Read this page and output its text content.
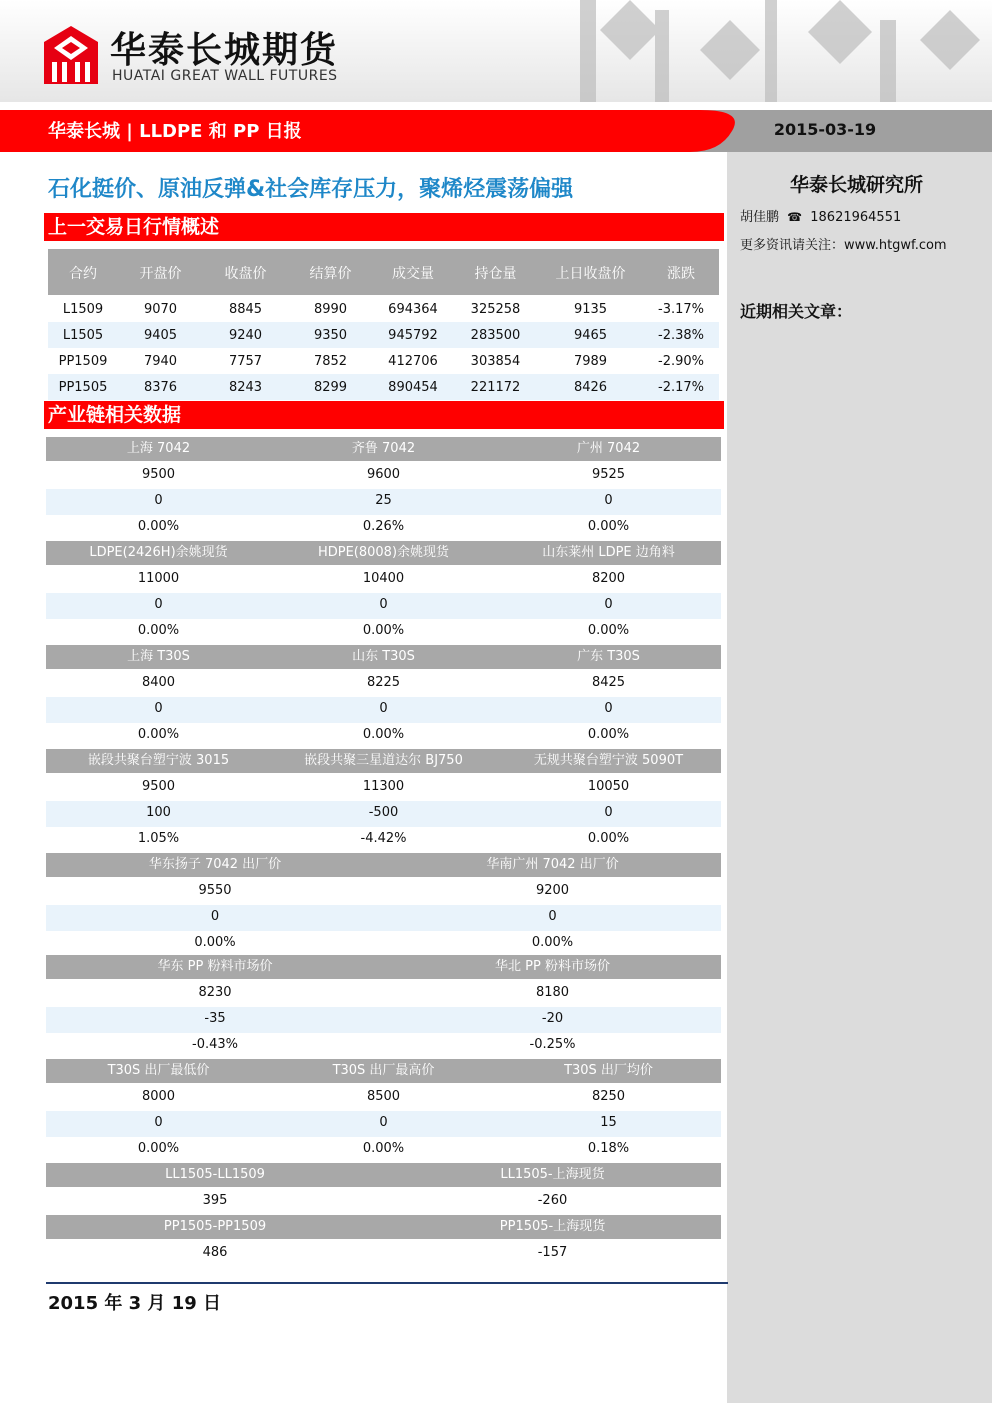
华泰长城期货
HUATAI GREAT WALL FUTURES
华泰长城 | LLDPE 和 PP 日报	2015-03-19
华泰长城研究所
胡佳鹏 ☎ 18621964551
更多资讯请关注：www.htgwf.com
近期相关文章：
石化挺价、原油反弹&社会库存压力，聚烯烃震荡偏强
上一交易日行情概述
合约	开盘价	收盘价	结算价	成交量	持仓量	上日收盘价	涨跌
L1509	9070	8845	8990	694364	325258	9135	-3.17%
L1505	9405	9240	9350	945792	283500	9465	-2.38%
PP1509	7940	7757	7852	412706	303854	7989	-2.90%
PP1505	8376	8243	8299	890454	221172	8426	-2.17%
产业链相关数据
上海 7042	齐鲁 7042	广州 7042
9500	9600	9525
0	25	0
0.00%	0.26%	0.00%
LDPE(2426H)余姚现货	HDPE(8008)余姚现货	山东莱州 LDPE 边角料
11000	10400	8200
0	0	0
0.00%	0.00%	0.00%
上海 T30S	山东 T30S	广东 T30S
8400	8225	8425
0	0	0
0.00%	0.00%	0.00%
嵌段共聚台塑宁波 3015	嵌段共聚三星道达尔 BJ750	无规共聚台塑宁波 5090T
9500	11300	10050
100	-500	0
1.05%	-4.42%	0.00%
华东扬子 7042 出厂价	华南广州 7042 出厂价
9550	9200
0	0
0.00%	0.00%
华东 PP 粉料市场价	华北 PP 粉料市场价
8230	8180
-35	-20
-0.43%	-0.25%
T30S 出厂最低价	T30S 出厂最高价	T30S 出厂均价
8000	8500	8250
0	0	15
0.00%	0.00%	0.18%
LL1505-LL1509	LL1505-上海现货
395	-260
PP1505-PP1509	PP1505-上海现货
486	-157
2015 年 3 月 19 日
